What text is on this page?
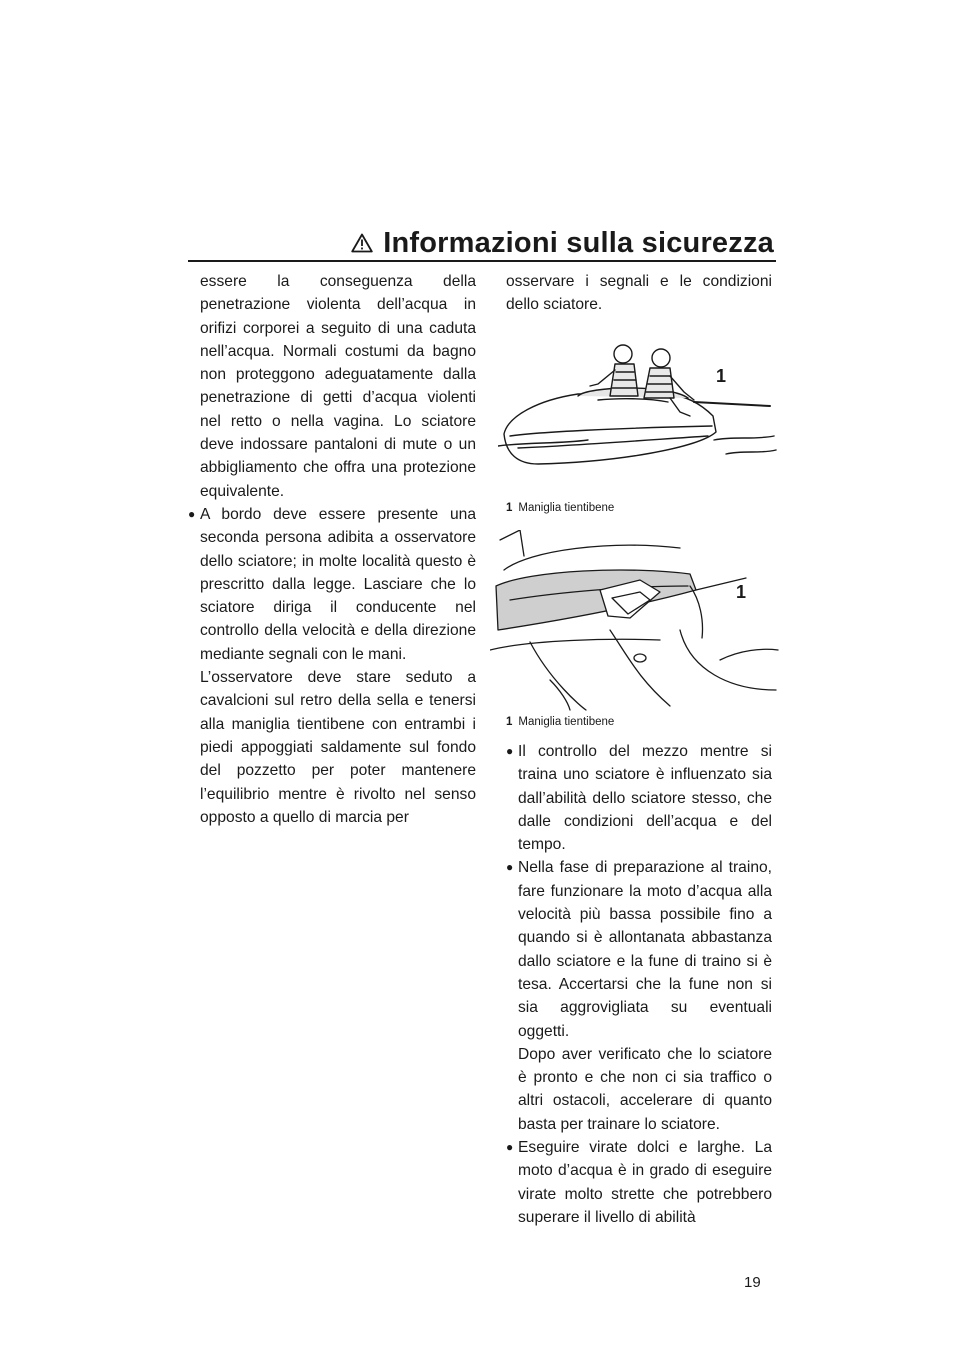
Informazioni sulla sicurezza

essere la conseguenza della penetrazione violenta dell’acqua in orifizi corporei a seguito di una caduta nell’acqua. Normali costumi da bagno non proteggono adeguatamente dalla penetrazione di getti d’acqua violenti nel retto o nella vagina. Lo sciatore deve indossare pantaloni di mute o un abbigliamento che offra una protezione equivalente.

● A bordo deve essere presente una seconda persona adibita a osservatore dello sciatore; in molte località questo è prescritto dalla legge. Lasciare che lo sciatore diriga il conducente nel controllo della velocità e della direzione mediante segnali con le mani.

L’osservatore deve stare seduto a cavalcioni sul retro della sella e tenersi alla maniglia tientibene con entrambi i piedi appoggiati saldamente sul fondo del pozzetto per poter mantenere l’equilibrio mentre è rivolto nel senso opposto a quello di marcia per

osservare i segnali e le condizioni dello sciatore.

1
1 Maniglia tientibene
1
1 Maniglia tientibene
● Il controllo del mezzo mentre si traina uno sciatore è influenzato sia dall’abilità dello sciatore stesso, che dalle condizioni dell’acqua e del tempo.

● Nella fase di preparazione al traino, fare funzionare la moto d’acqua alla velocità più bassa possibile fino a quando si è allontanata abbastanza dallo sciatore e la fune di traino si è tesa. Accertarsi che la fune non si sia aggrovigliata su eventuali oggetti.

Dopo aver verificato che lo sciatore è pronto e che non ci sia traffico o altri ostacoli, accelerare di quanto basta per trainare lo sciatore.

● Eseguire virate dolci e larghe. La moto d’acqua è in grado di eseguire virate molto strette che potrebbero superare il livello di abilità

19
